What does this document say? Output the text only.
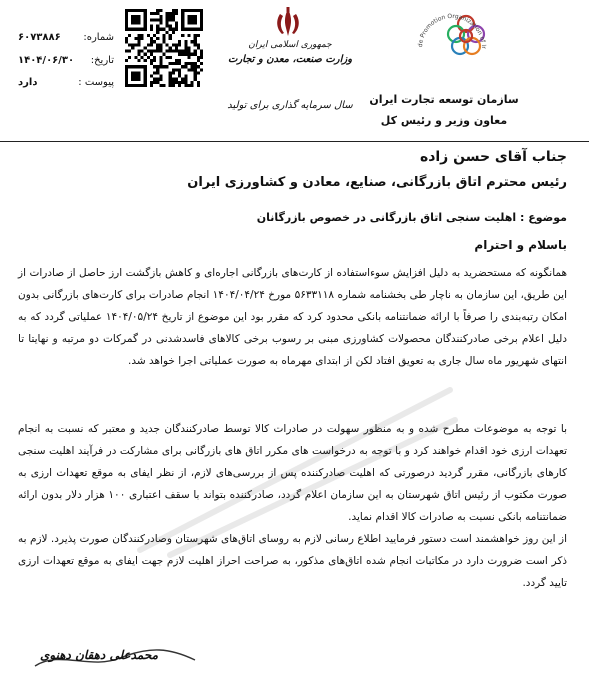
de Promotion Organization of Ir
سازمان توسعه تجارت ایران
معاون وزیر و رئیس کل
جمهوری اسلامی ایران
وزارت صنعت، معدن و تجارت
سال سرمایه گذاری برای تولید
شماره:
۶۰۷۳۸۸۶
تاریخ:
۱۴۰۴/۰۶/۳۰
پیوست :
دارد
جناب آقای حسن زاده
رئیس محترم اتاق بازرگانی، صنایع، معادن و کشاورزی ایران
موضوع : اهلیت سنجی اتاق بازرگانی در خصوص بازرگانان
باسلام و احترام
همانگونه که مستحضرید به دلیل افزایش سوءاستفاده از کارت‌های بازرگانی اجاره‌ای و کاهش بازگشت ارز حاصل از صادرات از این طریق، این سازمان به ناچار طی بخشنامه شماره ۵۶۳۳۱۱۸ مورخ ۱۴۰۴/۰۴/۲۴ انجام صادرات برای کارت‌های بازرگانی بدون امکان رتبه‌بندی را صرفاً با ارائه ضمانتنامه بانکی محدود کرد که مقرر بود این موضوع از تاریخ ۱۴۰۴/۰۵/۲۴ عملیاتی گردد که به دلیل اعلام برخی صادرکنندگان محصولات کشاورزی مبنی بر رسوب برخی کالاهای فاسدشدنی در گمرکات دو مرتبه و نهایتا تا انتهای شهریور ماه سال جاری به تعویق افتاد لکن از ابتدای مهرماه به صورت عملیاتی اجرا خواهد شد.
با توجه به موضوعات مطرح شده و به منظور سهولت در صادرات کالا توسط صادرکنندگان جدید و معتبر که نسبت به انجام تعهدات ارزی خود اقدام خواهند کرد و با توجه به درخواست های مکرر اتاق های بازرگانی برای مشارکت در فرآیند اهلیت سنجی کارهای بازرگانی، مقرر گردید درصورتی که اهلیت صادرکننده پس از بررسی‌های لازم، از نظر ایفای به موقع تعهدات ارزی به صورت مکتوب از رئیس اتاق شهرستان به این سازمان اعلام گردد، صادرکننده بتواند با سقف اعتباری ۱۰۰ هزار دلار بدون ارائه ضمانتنامه بانکی نسبت به صادرات کالا اقدام نماید.
از این روز خواهشمند است دستور فرمایید اطلاع رسانی لازم به روسای اتاق‌های شهرستان وصادرکنندگان صورت پذیرد. لازم به ذکر است ضرورت دارد در مکاتبات انجام شده اتاق‌های مذکور، به صراحت احراز اهلیت لازم جهت ایفای به موقع تعهدات ارزی تایید گردد.
محمدعلی دهقان دهنوی
